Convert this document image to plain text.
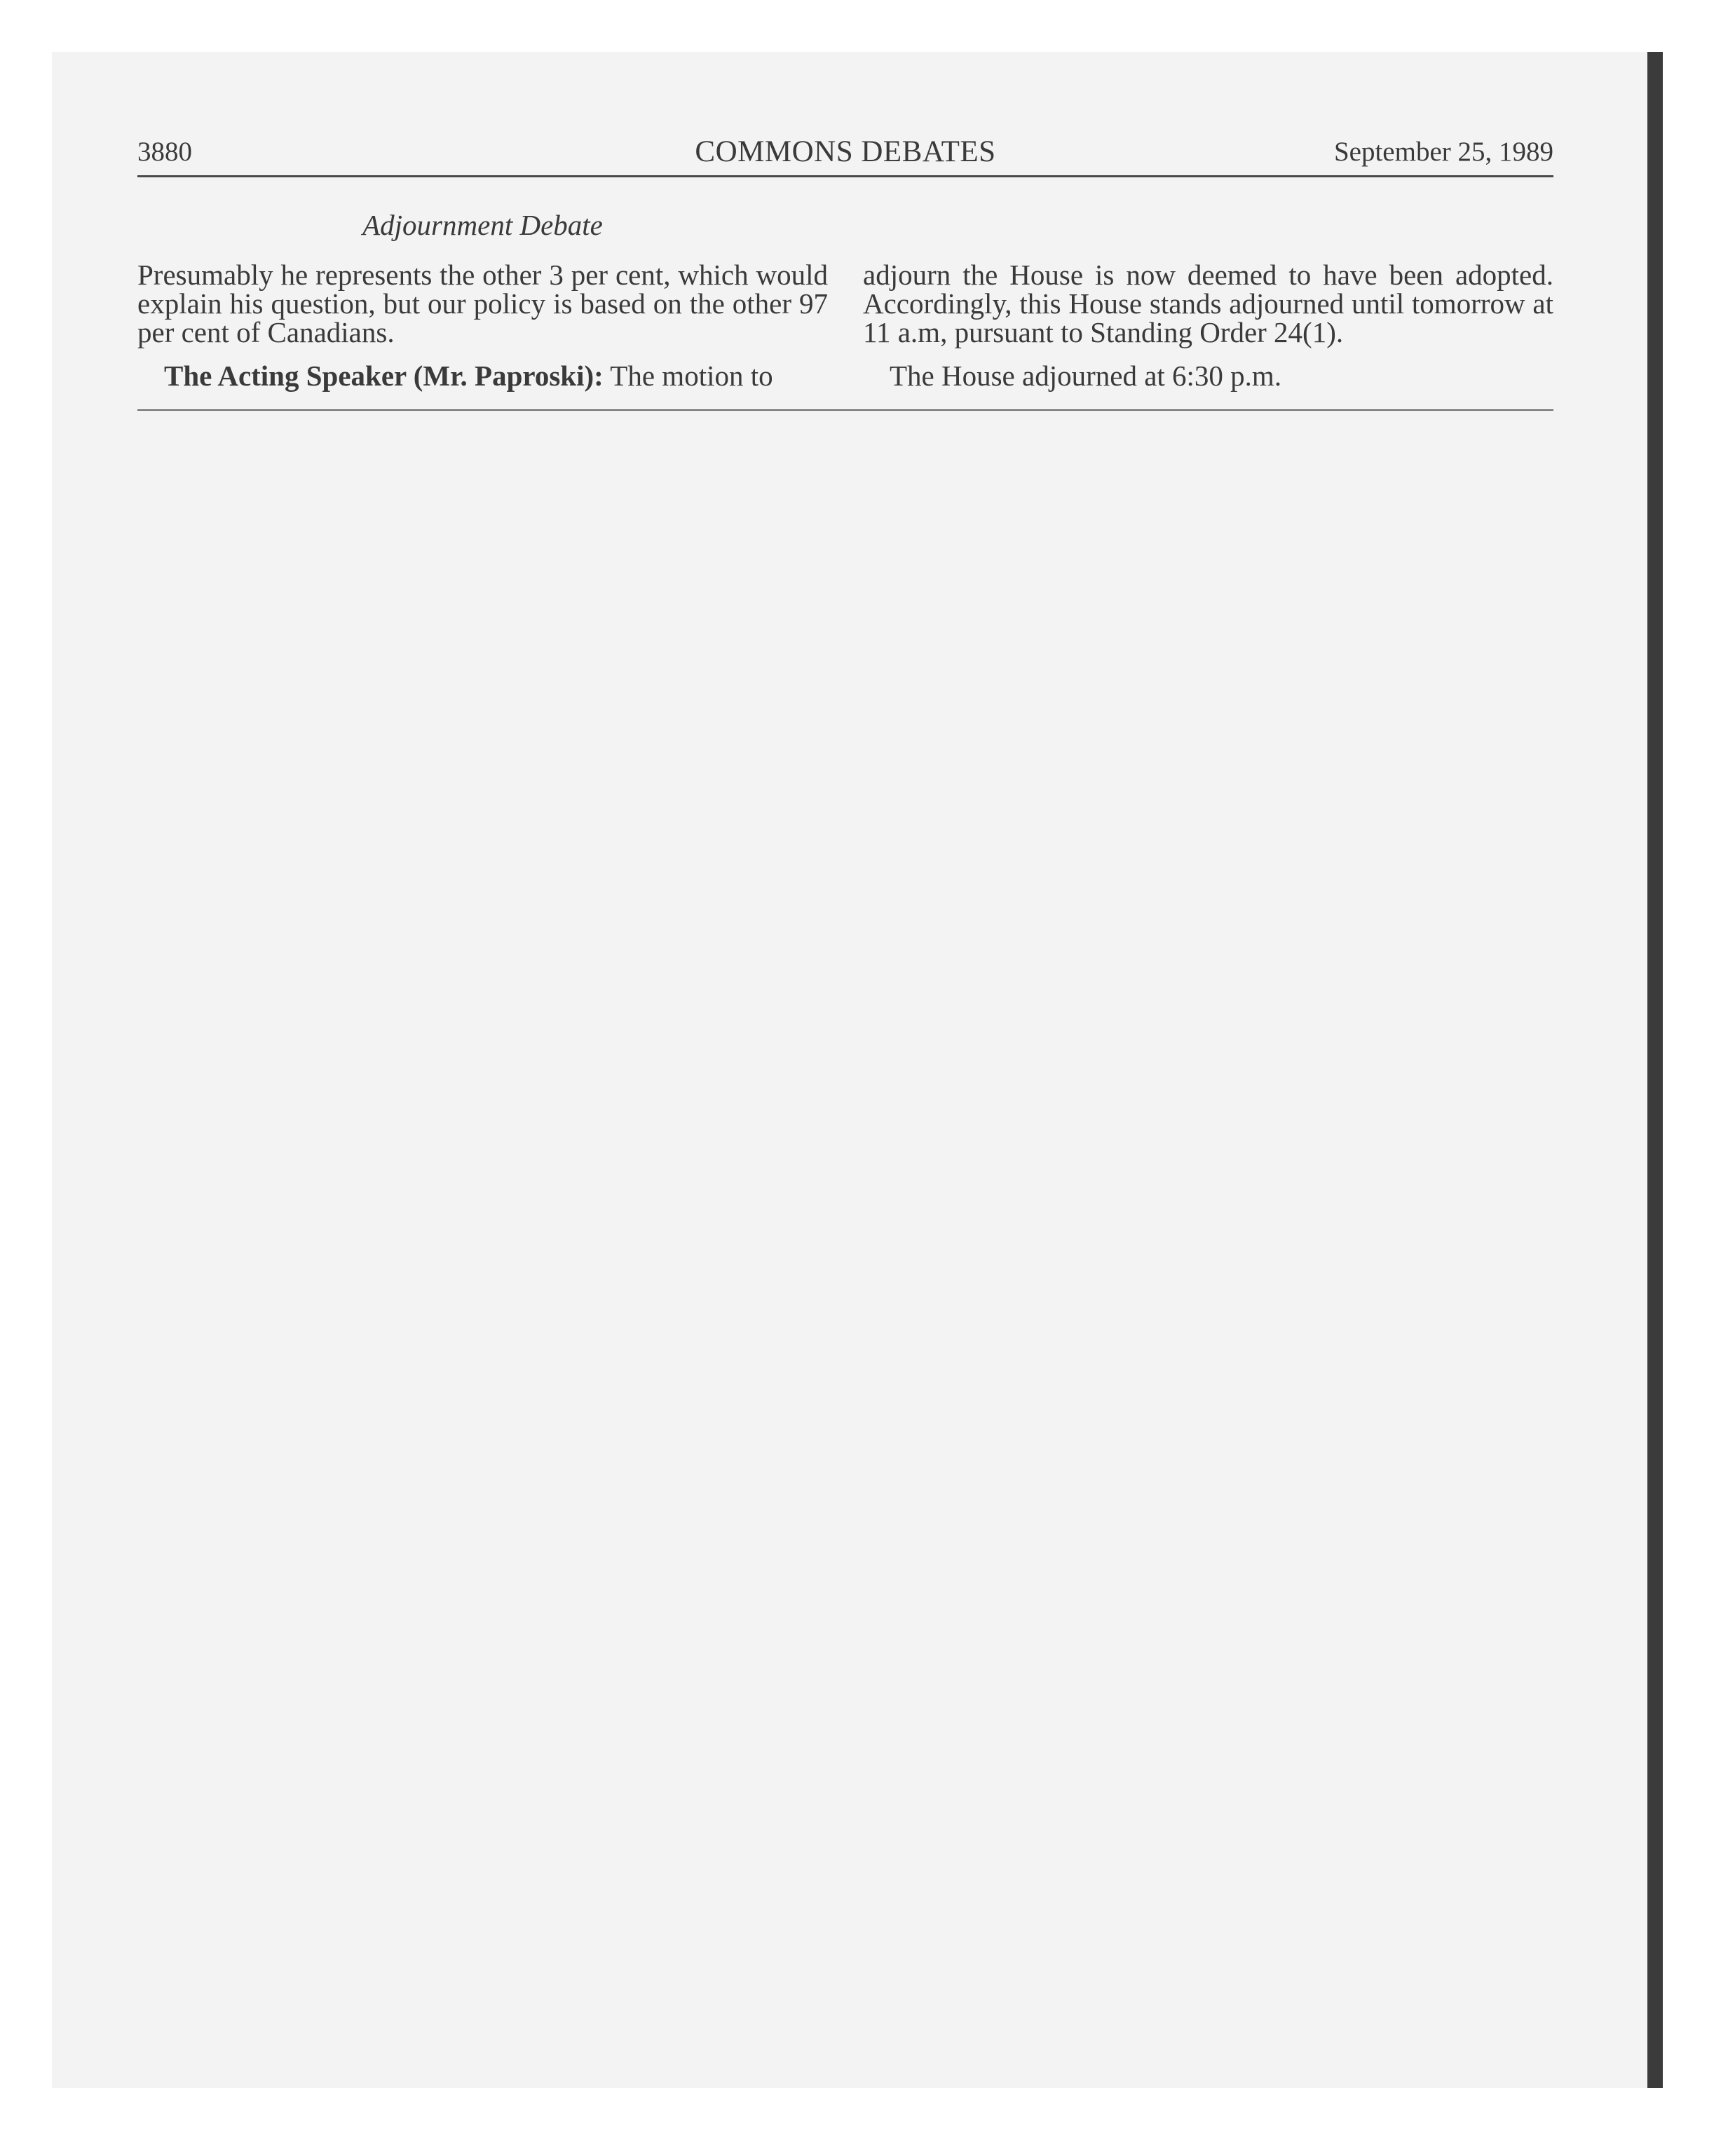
3880	COMMONS DEBATES	September 25, 1989
Adjournment Debate

Presumably he represents the other 3 per cent, which would explain his question, but our policy is based on the other 97 per cent of Canadians.

The Acting Speaker (Mr. Paproski): The motion to

adjourn the House is now deemed to have been adopted. Accordingly, this House stands adjourned until tomorrow at 11 a.m, pursuant to Standing Order 24(1).

The House adjourned at 6:30 p.m.
